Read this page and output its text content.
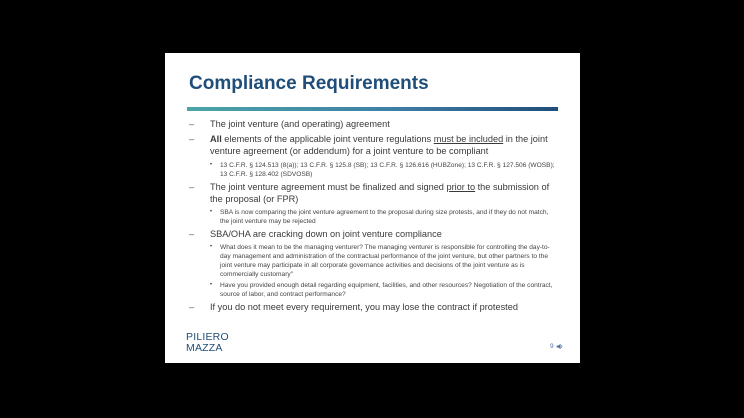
Compliance Requirements
– The joint venture (and operating) agreement
– All elements of the applicable joint venture regulations must be included in the joint venture agreement (or addendum) for a joint venture to be compliant
• 13 C.F.R. § 124.513 (8(a)); 13 C.F.R. § 125.8 (SB); 13 C.F.R. § 126.616 (HUBZone); 13 C.F.R. § 127.506 (WOSB); 13 C.F.R. § 128.402 (SDVOSB)
– The joint venture agreement must be finalized and signed prior to the submission of the proposal (or FPR)
• SBA is now comparing the joint venture agreement to the proposal during size protests, and if they do not match, the joint venture may be rejected
– SBA/OHA are cracking down on joint venture compliance
• What does it mean to be the managing venturer? The managing venturer is responsible for controlling the day-to-day management and administration of the contractual performance of the joint venture, but other partners to the joint venture may participate in all corporate governance activities and decisions of the joint venture as is commercially customary"
• Have you provided enough detail regarding equipment, facilities, and other resources? Negotiation of the contract, source of labor, and contract performance?
– If you do not meet every requirement, you may lose the contract if protested
PILIERO
MAZZA	9
